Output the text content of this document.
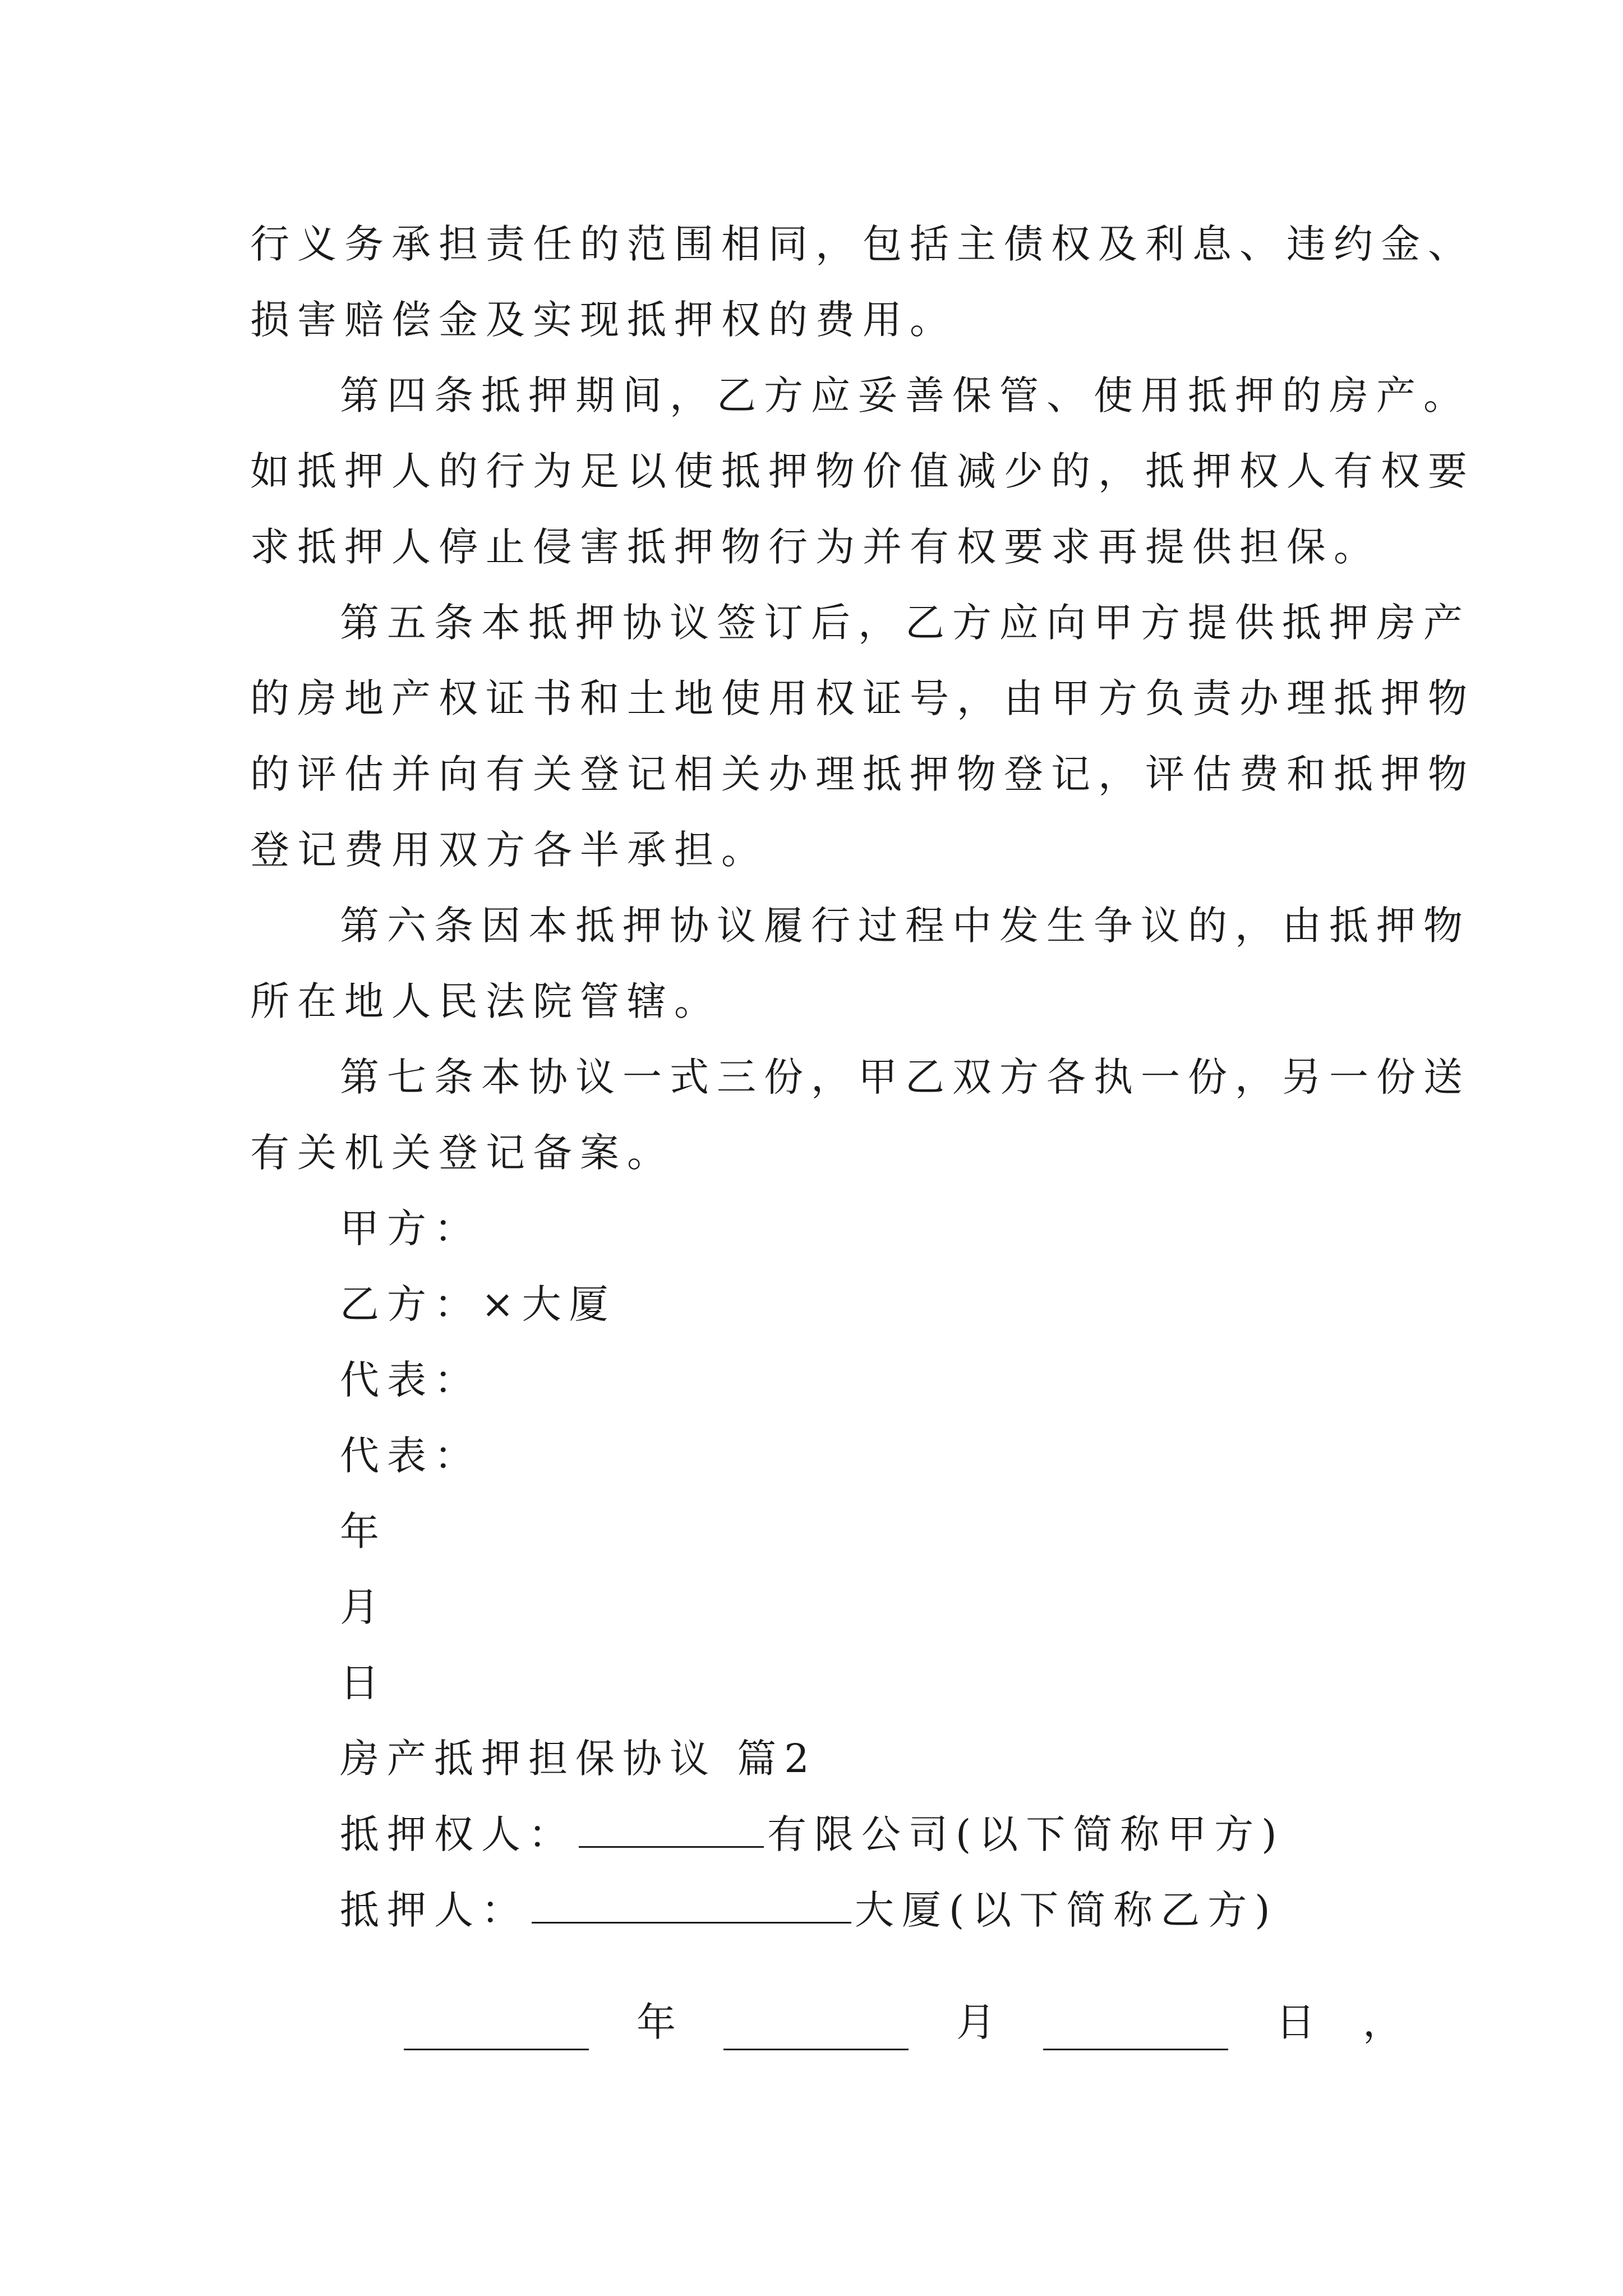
行义务承担责任的范围相同，包括主债权及利息、违约金、
损害赔偿金及实现抵押权的费用。
第四条抵押期间，乙方应妥善保管、使用抵押的房产。
如抵押人的行为足以使抵押物价值减少的，抵押权人有权要
求抵押人停止侵害抵押物行为并有权要求再提供担保。
第五条本抵押协议签订后，乙方应向甲方提供抵押房产
的房地产权证书和土地使用权证号，由甲方负责办理抵押物
的评估并向有关登记相关办理抵押物登记，评估费和抵押物
登记费用双方各半承担。
第六条因本抵押协议履行过程中发生争议的，由抵押物
所在地人民法院管辖。
第七条本协议一式三份，甲乙双方各执一份，另一份送
有关机关登记备案。
甲方：
乙方：×大厦
代表：
代表：
年
月
日
房产抵押担保协议 篇2
抵押权人：	有限公司(以下简称甲方)
抵押人：	大厦(以下简称乙方)
年	月	日 ，
